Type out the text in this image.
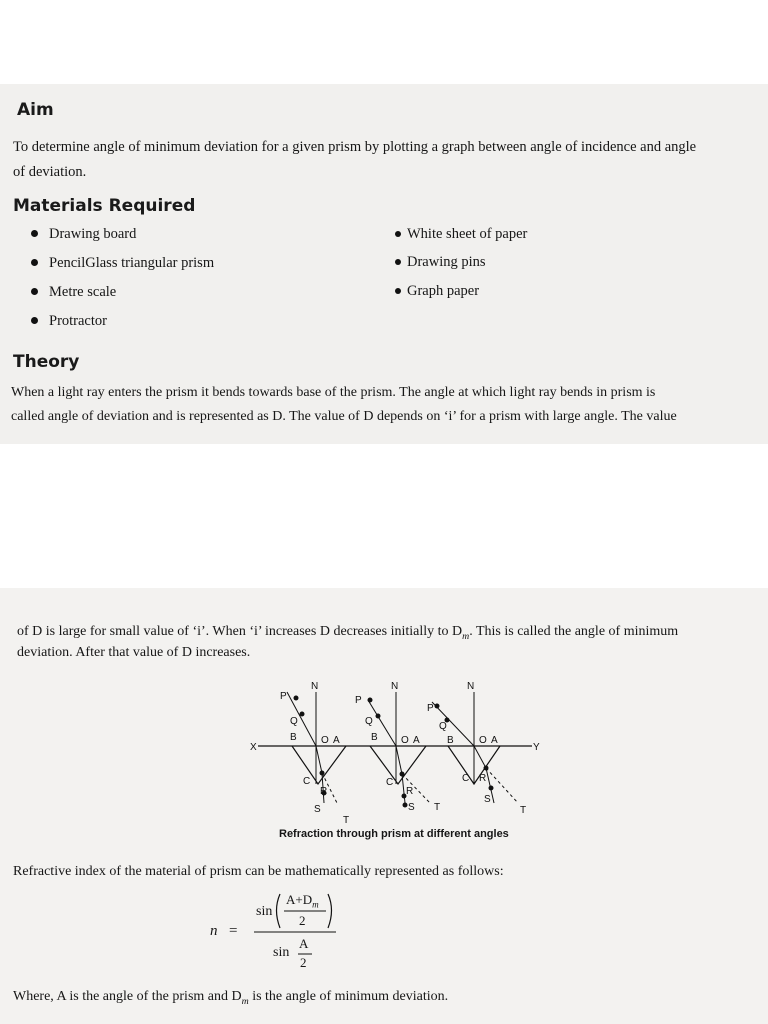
Aim

To determine angle of minimum deviation for a given prism by plotting a graph between angle of incidence and angle

of deviation.

Materials Required
Drawing board
PencilGlass triangular prism
Metre scale
Protractor
White sheet of paper
Drawing pins
Graph paper
Theory

When a light ray enters the prism it bends towards base of the prism. The angle at which light ray bends in prism is

called angle of deviation and is represented as D. The value of D depends on ‘i’ for a prism with large angle. The value

of D is large for small value of ‘i’. When ‘i’ increases D decreases initially to $D_m$. This is called the angle of minimum

deviation. After that value of D increases.

X	Y
N
P
Q
B O A
C
R
S
T
N
P
Q
B O A
C
R
S T
N
P
Q
B	O A
C R
S
T
Refraction through prism at different angles

Refractive index of the material of prism can be mathematically represented as follows:

n =
sin
$A+D_m$
2
sin
A
2

Where, A is the angle of the prism and $D_m$ is the angle of minimum deviation.
